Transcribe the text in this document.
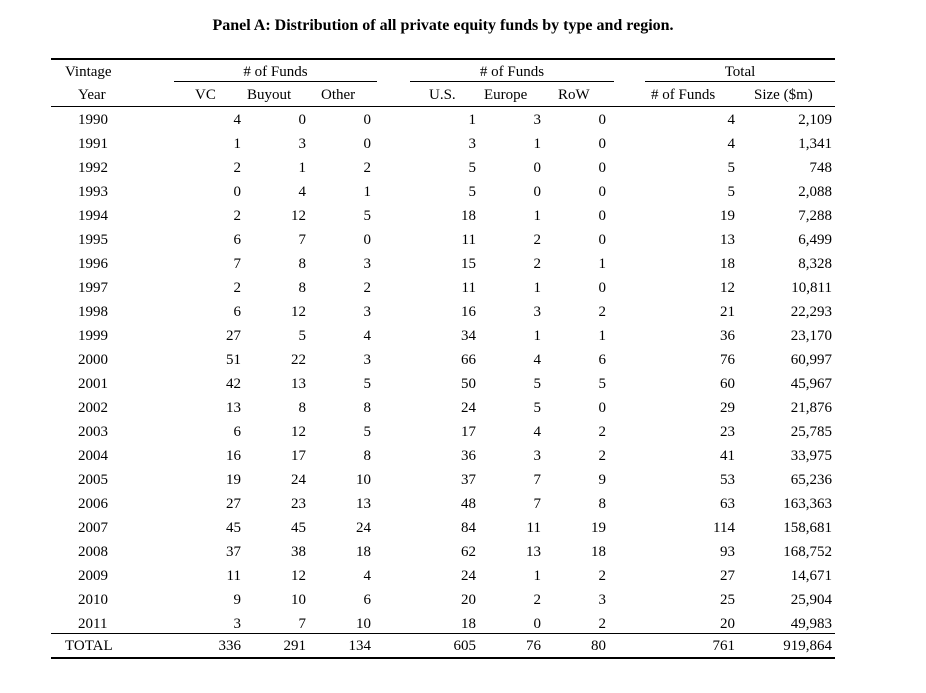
Panel A: Distribution of all private equity funds by type and region.
Vintage	# of Funds	# of Funds	Total
Year	VC Buyout Other	U.S. Europe RoW	# of Funds	Size ($m)
1990	4	0	0	1	3	0	4	2,109
1991	1	3	0	3	1	0	4	1,341
1992	2	1	2	5	0	0	5	748
1993	0	4	1	5	0	0	5	2,088
1994	2	12	5	18	1	0	19	7,288
1995	6	7	0	11	2	0	13	6,499
1996	7	8	3	15	2	1	18	8,328
1997	2	8	2	11	1	0	12	10,811
1998	6	12	3	16	3	2	21	22,293
1999	27	5	4	34	1	1	36	23,170
2000	51	22	3	66	4	6	76	60,997
2001	42	13	5	50	5	5	60	45,967
2002	13	8	8	24	5	0	29	21,876
2003	6	12	5	17	4	2	23	25,785
2004	16	17	8	36	3	2	41	33,975
2005	19	24	10	37	7	9	53	65,236
2006	27	23	13	48	7	8	63	163,363
2007	45	45	24	84	11	19	114	158,681
2008	37	38	18	62	13	18	93	168,752
2009	11	12	4	24	1	2	27	14,671
2010	9	10	6	20	2	3	25	25,904
2011	3	7	10	18	0	2	20	49,983
TOTAL	336	291	134	605	76	80	761	919,864
